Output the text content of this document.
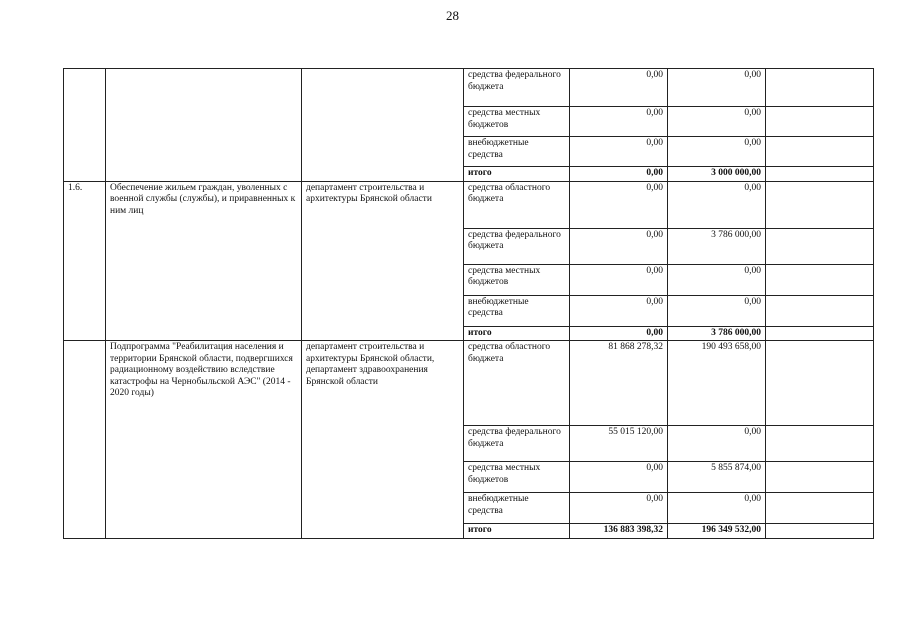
28
			средства федерального бюджета	0,00	0,00	
			средства местных бюджетов	0,00	0,00	
			внебюджетные средства	0,00	0,00	
			итого	0,00	3 000 000,00	
1.6.	Обеспечение жильем граждан, уволенных с военной службы (службы), и приравненных к ним лиц	департамент строительства и архитектуры Брянской области	средства областного бюджета	0,00	0,00	
			средства федерального бюджета	0,00	3 786 000,00	
			средства местных бюджетов	0,00	0,00	
			внебюджетные средства	0,00	0,00	
			итого	0,00	3 786 000,00	
	Подпрограмма "Реабилитация населения и территории Брянской области, подвергшихся радиационному воздействию вследствие катастрофы на Чернобыльской АЭС" (2014 - 2020 годы)	департамент строительства и архитектуры Брянской области, департамент здравоохранения Брянской области	средства областного бюджета	81 868 278,32	190 493 658,00	
			средства федерального бюджета	55 015 120,00	0,00	
			средства местных бюджетов	0,00	5 855 874,00	
			внебюджетные средства	0,00	0,00	
			итого	136 883 398,32	196 349 532,00	
